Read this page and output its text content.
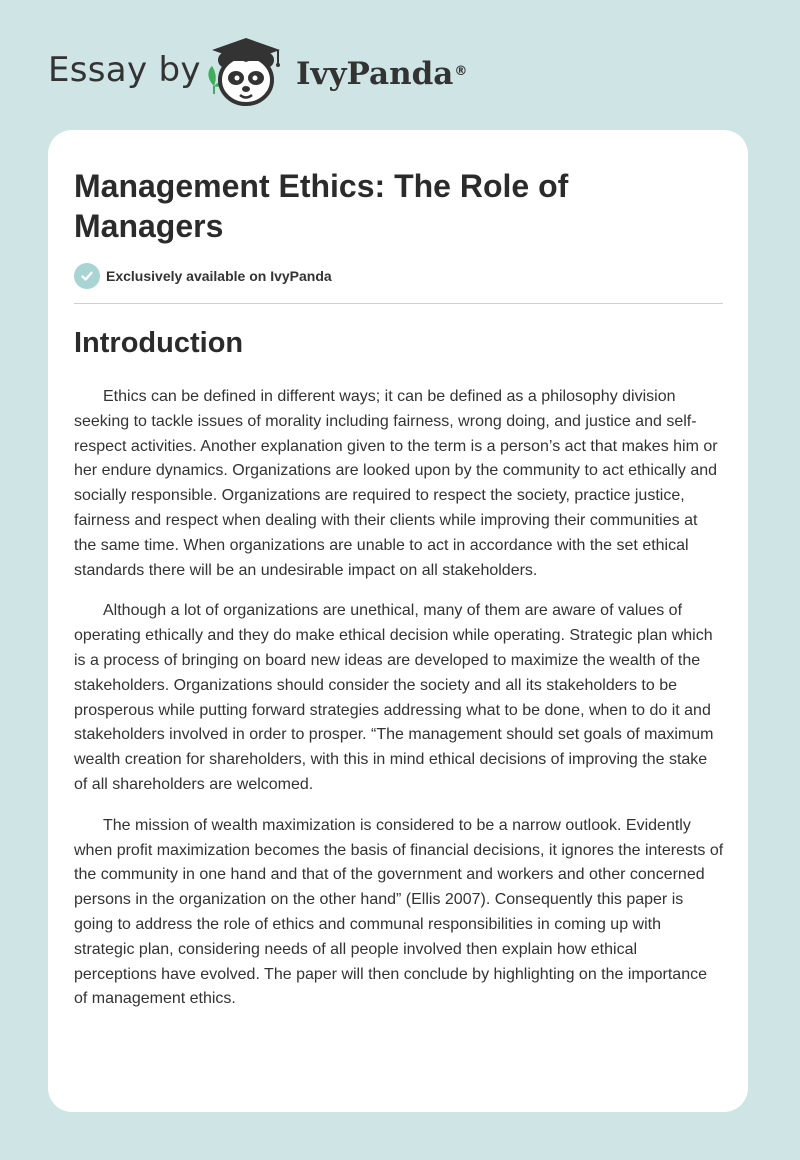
Essay by	IvyPanda®
Management Ethics: The Role of Managers
Exclusively available on IvyPanda
Introduction

Ethics can be defined in different ways; it can be defined as a philosophy division seeking to tackle issues of morality including fairness, wrong doing, and justice and self-respect activities. Another explanation given to the term is a person’s act that makes him or her endure dynamics. Organizations are looked upon by the community to act ethically and socially responsible. Organizations are required to respect the society, practice justice, fairness and respect when dealing with their clients while improving their communities at the same time. When organizations are unable to act in accordance with the set ethical standards there will be an undesirable impact on all stakeholders.

Although a lot of organizations are unethical, many of them are aware of values of operating ethically and they do make ethical decision while operating. Strategic plan which is a process of bringing on board new ideas are developed to maximize the wealth of the stakeholders. Organizations should consider the society and all its stakeholders to be prosperous while putting forward strategies addressing what to be done, when to do it and stakeholders involved in order to prosper. “The management should set goals of maximum wealth creation for shareholders, with this in mind ethical decisions of improving the stake of all shareholders are welcomed.

The mission of wealth maximization is considered to be a narrow outlook. Evidently when profit maximization becomes the basis of financial decisions, it ignores the interests of the community in one hand and that of the government and workers and other concerned persons in the organization on the other hand” (Ellis 2007). Consequently this paper is going to address the role of ethics and communal responsibilities in coming up with strategic plan, considering needs of all people involved then explain how ethical perceptions have evolved. The paper will then conclude by highlighting on the importance of management ethics.
